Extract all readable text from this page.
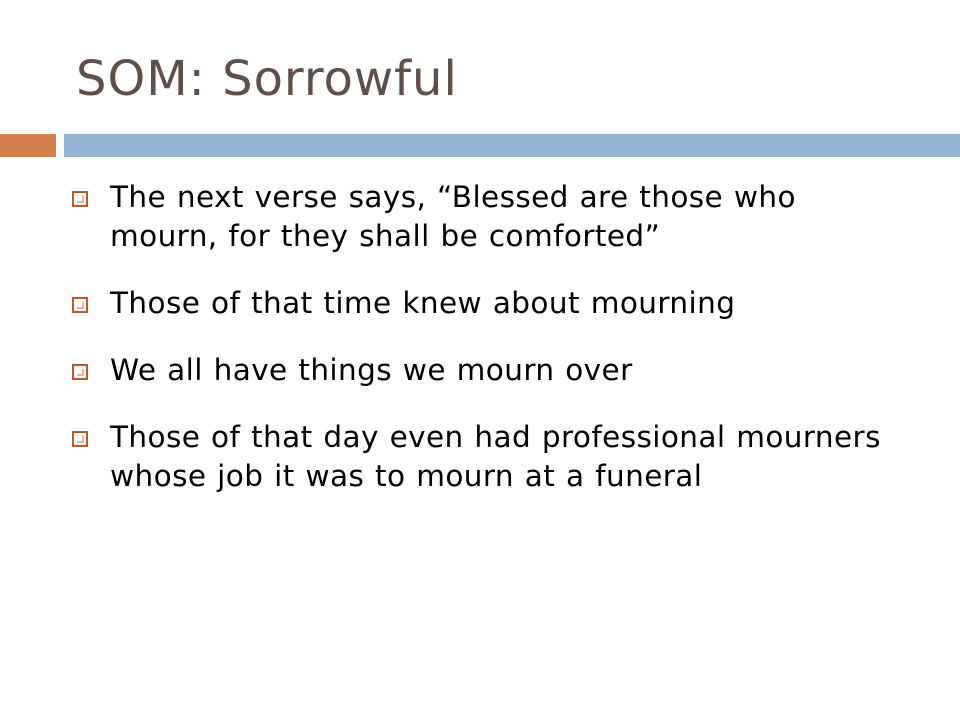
SOM: Sorrowful
The next verse says, “Blessed are those who mourn, for they shall be comforted”
Those of that time knew about mourning
We all have things we mourn over
Those of that day even had professional mourners whose job it was to mourn at a funeral
